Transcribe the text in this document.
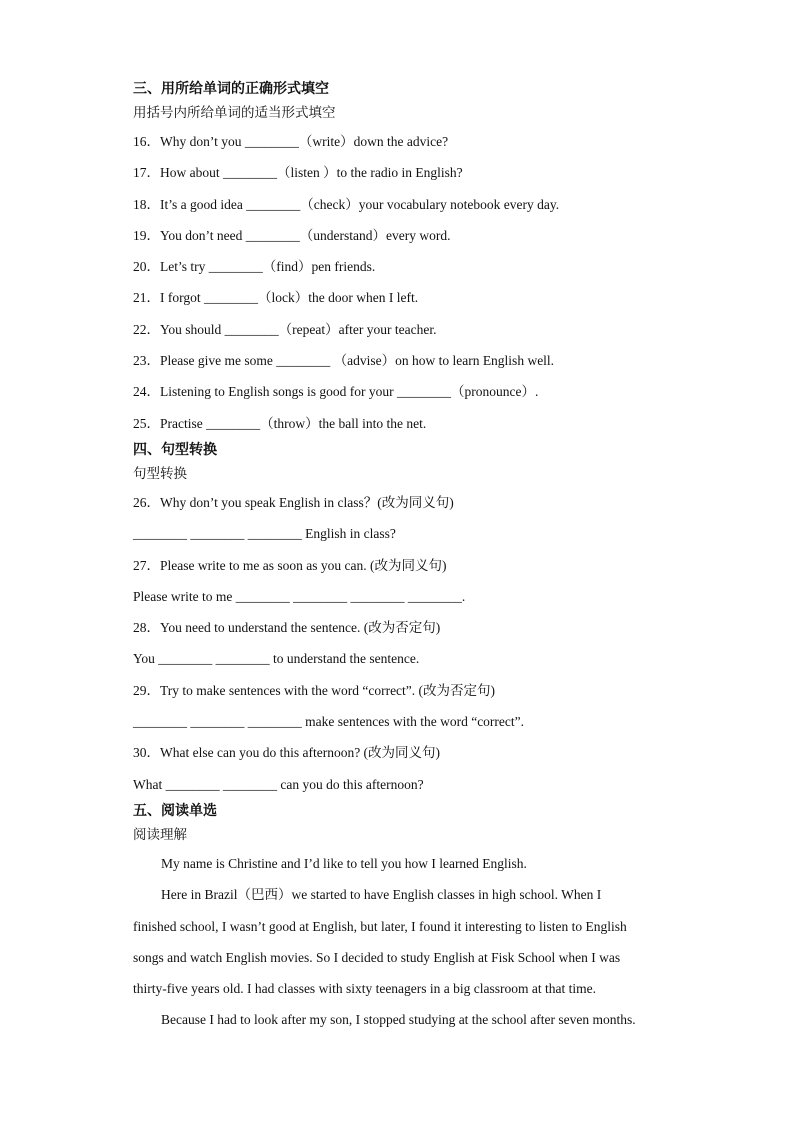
三、用所给单词的正确形式填空
用括号内所给单词的适当形式填空
16．Why don’t you ________（write）down the advice?
17．How about ________（listen ）to the radio in English?
18．It’s a good idea ________（check）your vocabulary notebook every day.
19．You don’t need ________（understand）every word.
20．Let’s try ________（find）pen friends.
21．I forgot ________（lock）the door when I left.
22．You should ________（repeat）after your teacher.
23．Please give me some ________ （advise）on how to learn English well.
24．Listening to English songs is good for your ________（pronounce）.
25．Practise ________（throw）the ball into the net.
四、句型转换
句型转换
26．Why don’t you speak English in class？(改为同义句)
________ ________ ________ English in class?
27．Please write to me as soon as you can. (改为同义句)
Please write to me ________ ________ ________ ________.
28．You need to understand the sentence. (改为否定句)
You ________ ________ to understand the sentence.
29．Try to make sentences with the word “correct”. (改为否定句)
________ ________ ________ make sentences with the word “correct”.
30．What else can you do this afternoon? (改为同义句)
What ________ ________ can you do this afternoon?
五、阅读单选
阅读理解
My name is Christine and I’d like to tell you how I learned English.
Here in Brazil（巴西）we started to have English classes in high school. When I
finished school, I wasn’t good at English, but later, I found it interesting to listen to English
songs and watch English movies. So I decided to study English at Fisk School when I was
thirty-five years old. I had classes with sixty teenagers in a big classroom at that time.
Because I had to look after my son, I stopped studying at the school after seven months.
